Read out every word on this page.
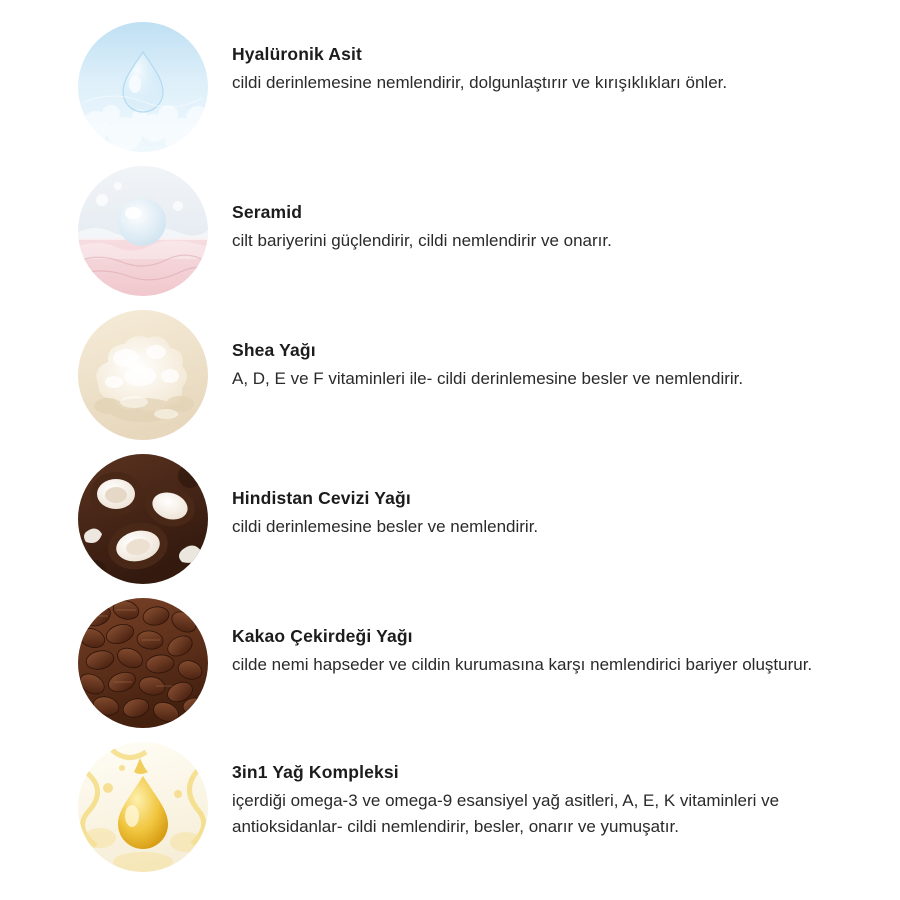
Hyalüronik Asit

cildi derinlemesine nemlendirir, dolgunlaştırır ve kırışıklıkları önler.

Seramid

cilt bariyerini güçlendirir, cildi nemlendirir ve onarır.

Shea Yağı

A, D, E ve F vitaminleri ile- cildi derinlemesine besler ve nemlendirir.

Hindistan Cevizi Yağı

cildi derinlemesine besler ve nemlendirir.

Kakao Çekirdeği Yağı

cilde nemi hapseder ve cildin kurumasına karşı nemlendirici bariyer oluşturur.

3in1 Yağ Kompleksi

içerdiği omega-3 ve omega-9 esansiyel yağ asitleri, A, E, K vitaminleri ve antioksidanlar- cildi nemlendirir, besler, onarır ve yumuşatır.
